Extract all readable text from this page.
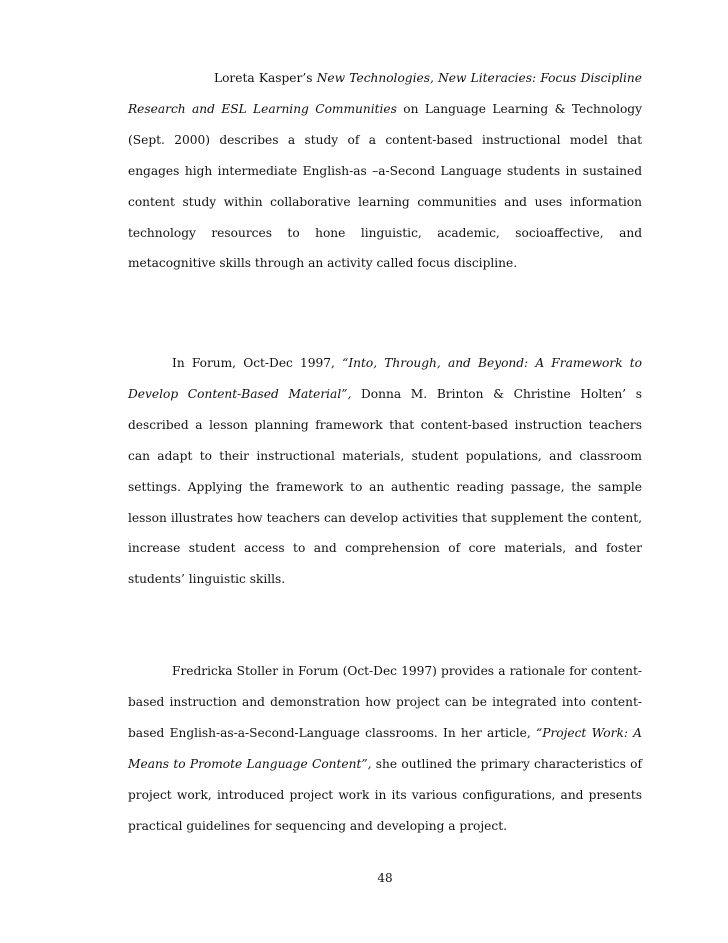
Loreta Kasper’s New Technologies, New Literacies: Focus Discipline Research and ESL Learning Communities on Language Learning & Technology (Sept. 2000) describes a study of a content-based instructional model that engages high intermediate English-as –a-Second Language students in sustained content study within collaborative learning communities and uses information technology resources to hone linguistic, academic, socioaffective, and metacognitive skills through an activity called focus discipline.

In Forum, Oct-Dec 1997, “Into, Through, and Beyond: A Framework to Develop Content-Based Material”, Donna M. Brinton & Christine Holten’ s described a lesson planning framework that content-based instruction teachers can adapt to their instructional materials, student populations, and classroom settings. Applying the framework to an authentic reading passage, the sample lesson illustrates how teachers can develop activities that supplement the content, increase student access to and comprehension of core materials, and foster students’ linguistic skills.

Fredricka Stoller in Forum (Oct-Dec 1997) provides a rationale for content-based instruction and demonstration how project can be integrated into content-based English-as-a-Second-Language classrooms. In her article, “Project Work: A Means to Promote Language Content”, she outlined the primary characteristics of project work, introduced project work in its various configurations, and presents practical guidelines for sequencing and developing a project.

48
